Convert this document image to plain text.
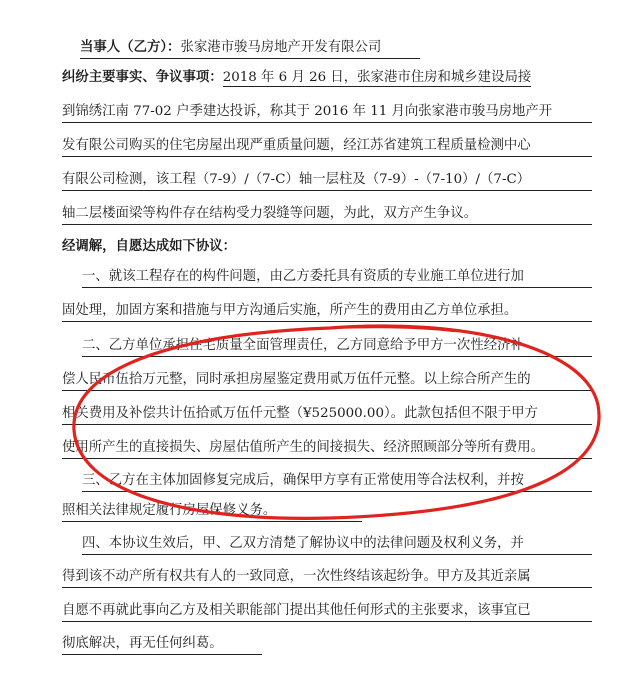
当事人（乙方）：张家港市骏马房地产开发有限公司
纠纷主要事实、争议事项：2018 年 6 月 26 日，张家港市住房和城乡建设局接
到锦绣江南 77-02 户季建达投诉，称其于 2016 年 11 月向张家港市骏马房地产开
发有限公司购买的住宅房屋出现严重质量问题，经江苏省建筑工程质量检测中心
有限公司检测，该工程（7-9）/（7-C）轴一层柱及（7-9）-（7-10）/（7-C）
轴二层楼面梁等构件存在结构受力裂缝等问题，为此，双方产生争议。
经调解，自愿达成如下协议：
一、就该工程存在的构件问题，由乙方委托具有资质的专业施工单位进行加
固处理，加固方案和措施与甲方沟通后实施，所产生的费用由乙方单位承担。
二、乙方单位承担住宅质量全面管理责任，乙方同意给予甲方一次性经济补
偿人民币伍拾万元整，同时承担房屋鉴定费用贰万伍仟元整。以上综合所产生的
相关费用及补偿共计伍拾贰万伍仟元整（¥525000.00）。此款包括但不限于甲方
使用所产生的直接损失、房屋估值所产生的间接损失、经济照顾部分等所有费用。
三、乙方在主体加固修复完成后，确保甲方享有正常使用等合法权利，并按
照相关法律规定履行房屋保修义务。
四、本协议生效后，甲、乙双方清楚了解协议中的法律问题及权利义务，并
得到该不动产所有权共有人的一致同意，一次性终结该起纷争。甲方及其近亲属
自愿不再就此事向乙方及相关职能部门提出其他任何形式的主张要求，该事宜已
彻底解决，再无任何纠葛。
